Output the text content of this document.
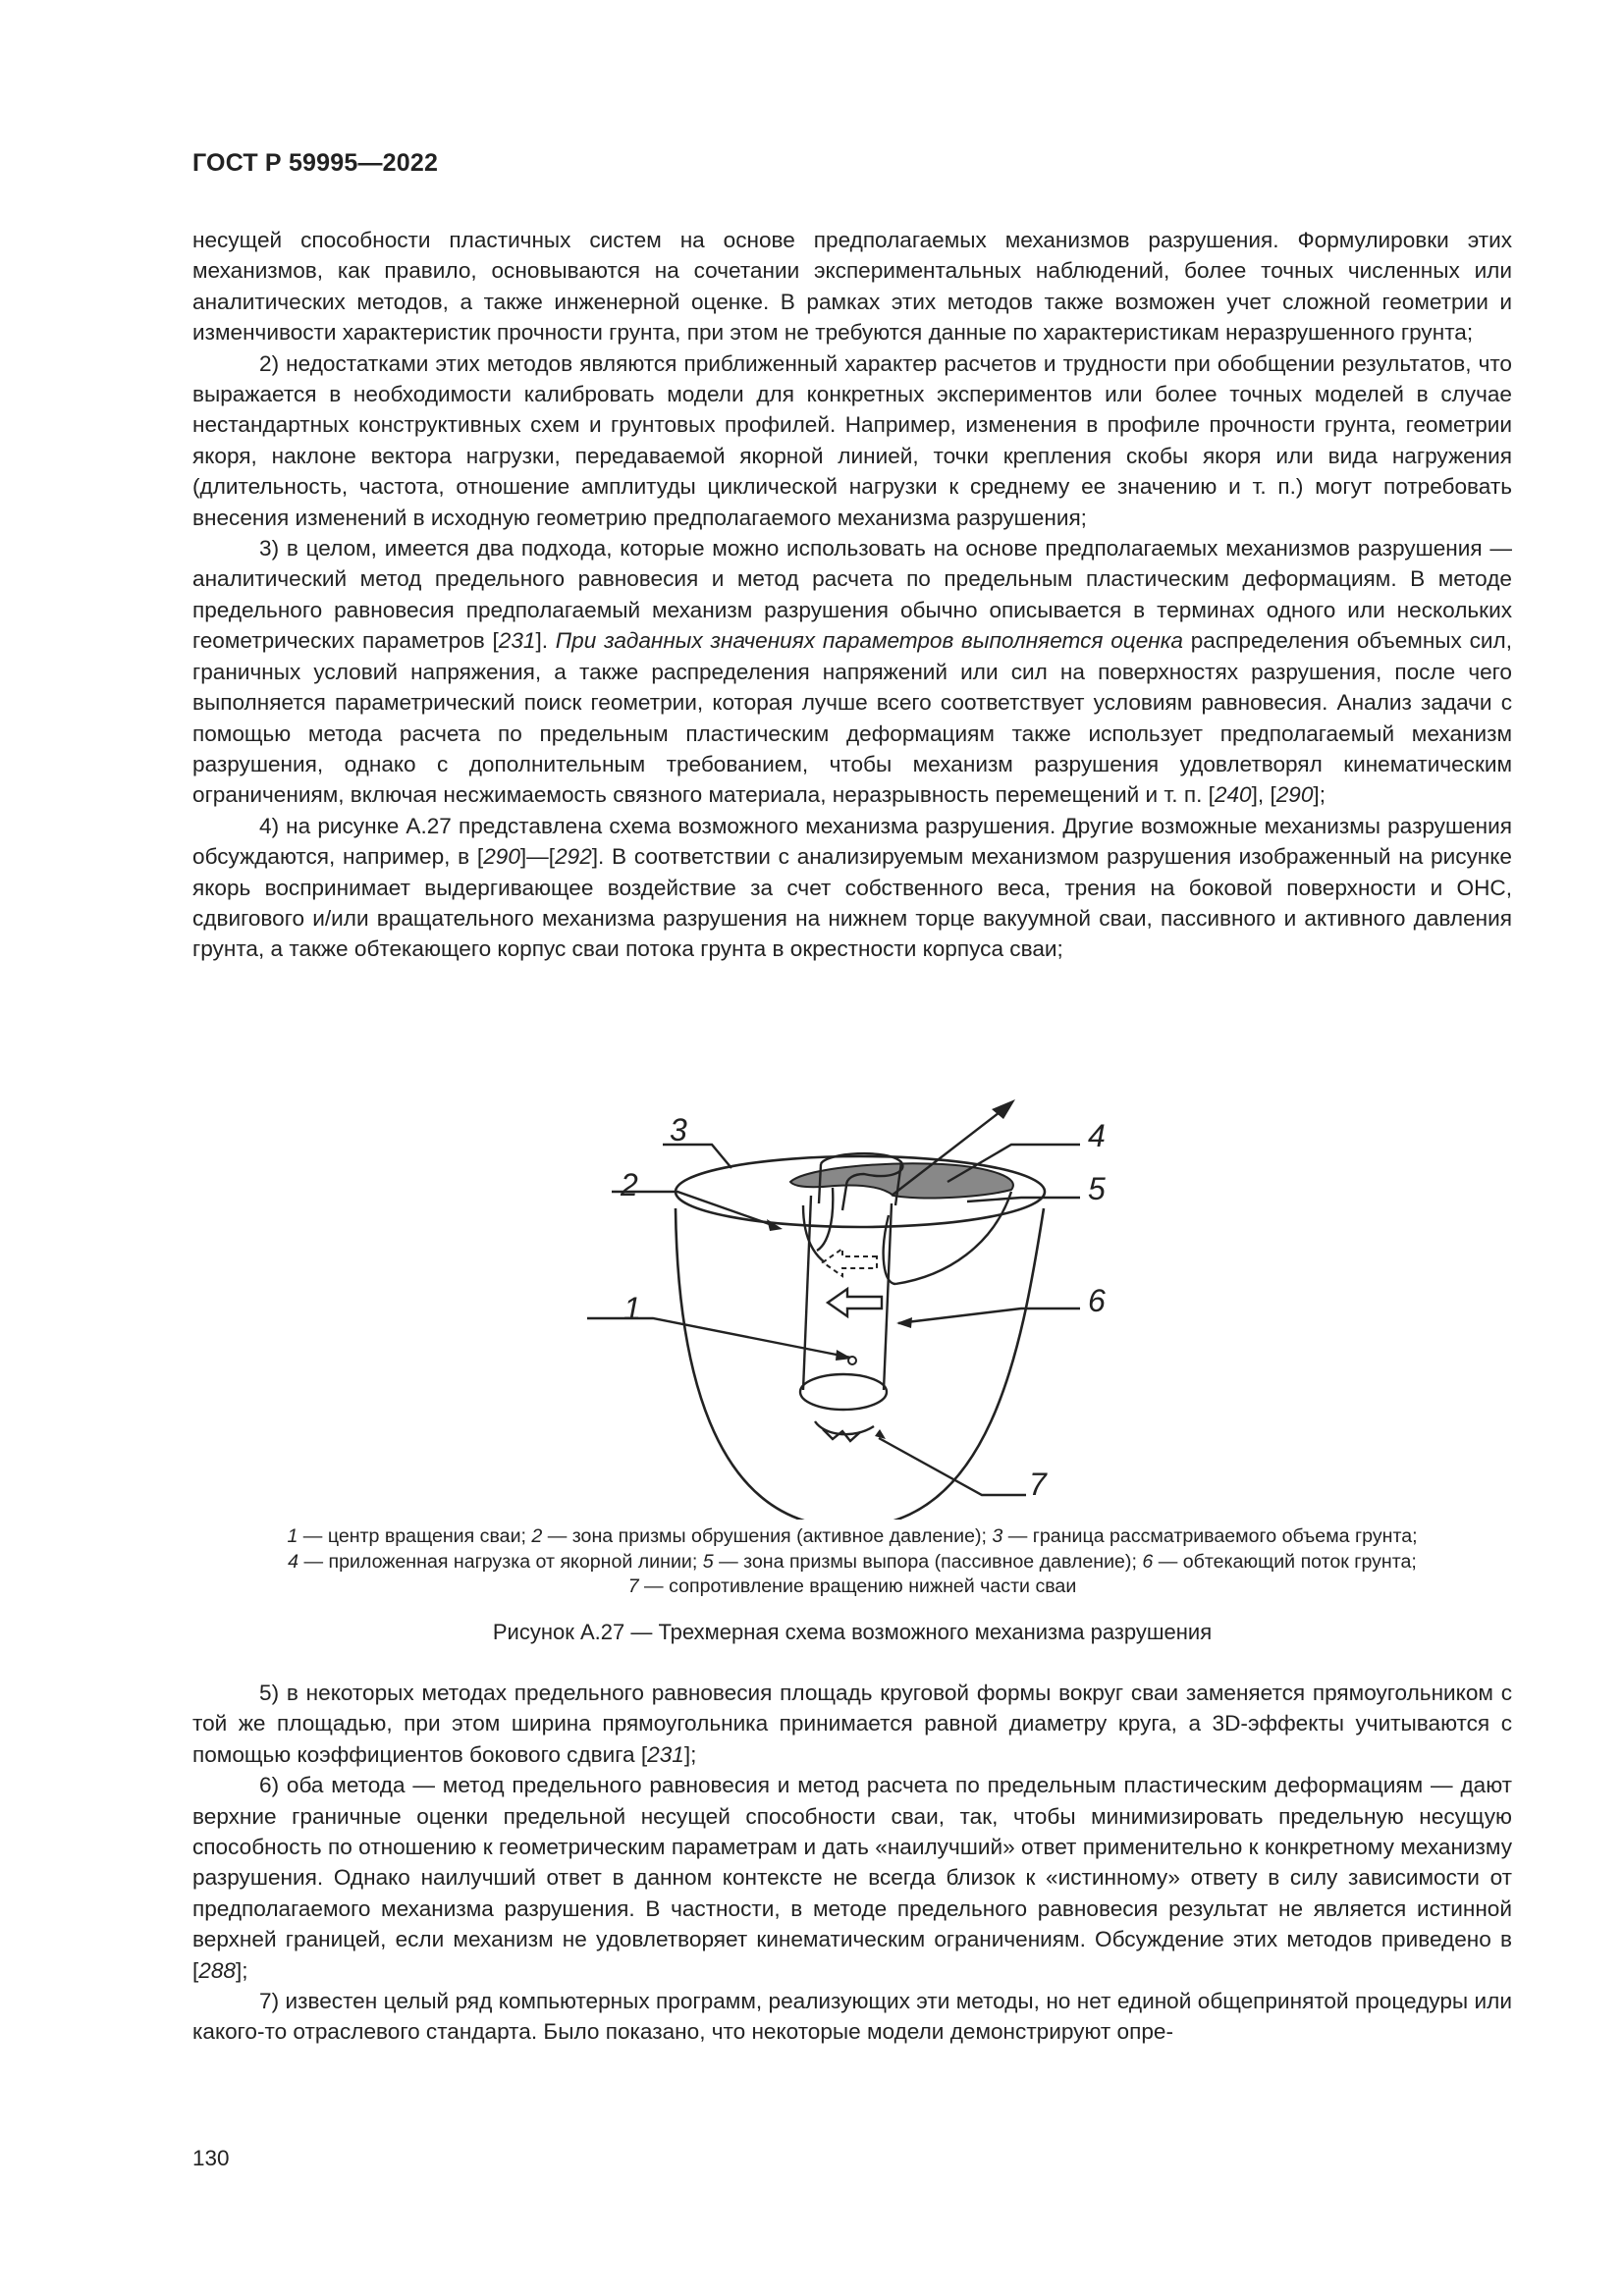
ГОСТ Р 59995—2022

несущей способности пластичных систем на основе предполагаемых механизмов разрушения. Формулировки этих механизмов, как правило, основываются на сочетании экспериментальных наблюдений, более точных численных или аналитических методов, а также инженерной оценке. В рамках этих методов также возможен учет сложной геометрии и изменчивости характеристик прочности грунта, при этом не требуются данные по характеристикам неразрушенного грунта;

2) недостатками этих методов являются приближенный характер расчетов и трудности при обобщении результатов, что выражается в необходимости калибровать модели для конкретных экспериментов или более точных моделей в случае нестандартных конструктивных схем и грунтовых профилей. Например, изменения в профиле прочности грунта, геометрии якоря, наклоне вектора нагрузки, передаваемой якорной линией, точки крепления скобы якоря или вида нагружения (длительность, частота, отношение амплитуды циклической нагрузки к среднему ее значению и т. п.) могут потребовать внесения изменений в исходную геометрию предполагаемого механизма разрушения;

3) в целом, имеется два подхода, которые можно использовать на основе предполагаемых механизмов разрушения — аналитический метод предельного равновесия и метод расчета по предельным пластическим деформациям. В методе предельного равновесия предполагаемый механизм разрушения обычно описывается в терминах одного или нескольких геометрических параметров [231]. При заданных значениях параметров выполняется оценка распределения объемных сил, граничных условий напряжения, а также распределения напряжений или сил на поверхностях разрушения, после чего выполняется параметрический поиск геометрии, которая лучше всего соответствует условиям равновесия. Анализ задачи с помощью метода расчета по предельным пластическим деформациям также использует предполагаемый механизм разрушения, однако с дополнительным требованием, чтобы механизм разрушения удовлетворял кинематическим ограничениям, включая несжимаемость связного материала, неразрывность перемещений и т. п. [240], [290];

4) на рисунке А.27 представлена схема возможного механизма разрушения. Другие возможные механизмы разрушения обсуждаются, например, в [290]—[292]. В соответствии с анализируемым механизмом разрушения изображенный на рисунке якорь воспринимает выдергивающее воздействие за счет собственного веса, трения на боковой поверхности и ОНС, сдвигового и/или вращательного механизма разрушения на нижнем торце вакуумной сваи, пассивного и активного давления грунта, а также обтекающего корпус сваи потока грунта в окрестности корпуса сваи;

1
2
3	4
5
6
7
1 — центр вращения сваи; 2 — зона призмы обрушения (активное давление); 3 — граница рассматриваемого объема грунта;
4 — приложенная нагрузка от якорной линии; 5 — зона призмы выпора (пассивное давление); 6 — обтекающий поток грунта;
7 — сопротивление вращению нижней части сваи
Рисунок А.27 — Трехмерная схема возможного механизма разрушения

5) в некоторых методах предельного равновесия площадь круговой формы вокруг сваи заменяется прямоугольником с той же площадью, при этом ширина прямоугольника принимается равной диаметру круга, а 3D-эффекты учитываются с помощью коэффициентов бокового сдвига [231];

6) оба метода — метод предельного равновесия и метод расчета по предельным пластическим деформациям — дают верхние граничные оценки предельной несущей способности сваи, так, чтобы минимизировать предельную несущую способность по отношению к геометрическим параметрам и дать «наилучший» ответ применительно к конкретному механизму разрушения. Однако наилучший ответ в данном контексте не всегда близок к «истинному» ответу в силу зависимости от предполагаемого механизма разрушения. В частности, в методе предельного равновесия результат не является истинной верхней границей, если механизм не удовлетворяет кинематическим ограничениям. Обсуждение этих методов приведено в [288];

7) известен целый ряд компьютерных программ, реализующих эти методы, но нет единой общепринятой процедуры или какого-то отраслевого стандарта. Было показано, что некоторые модели демонстрируют опре-

130
